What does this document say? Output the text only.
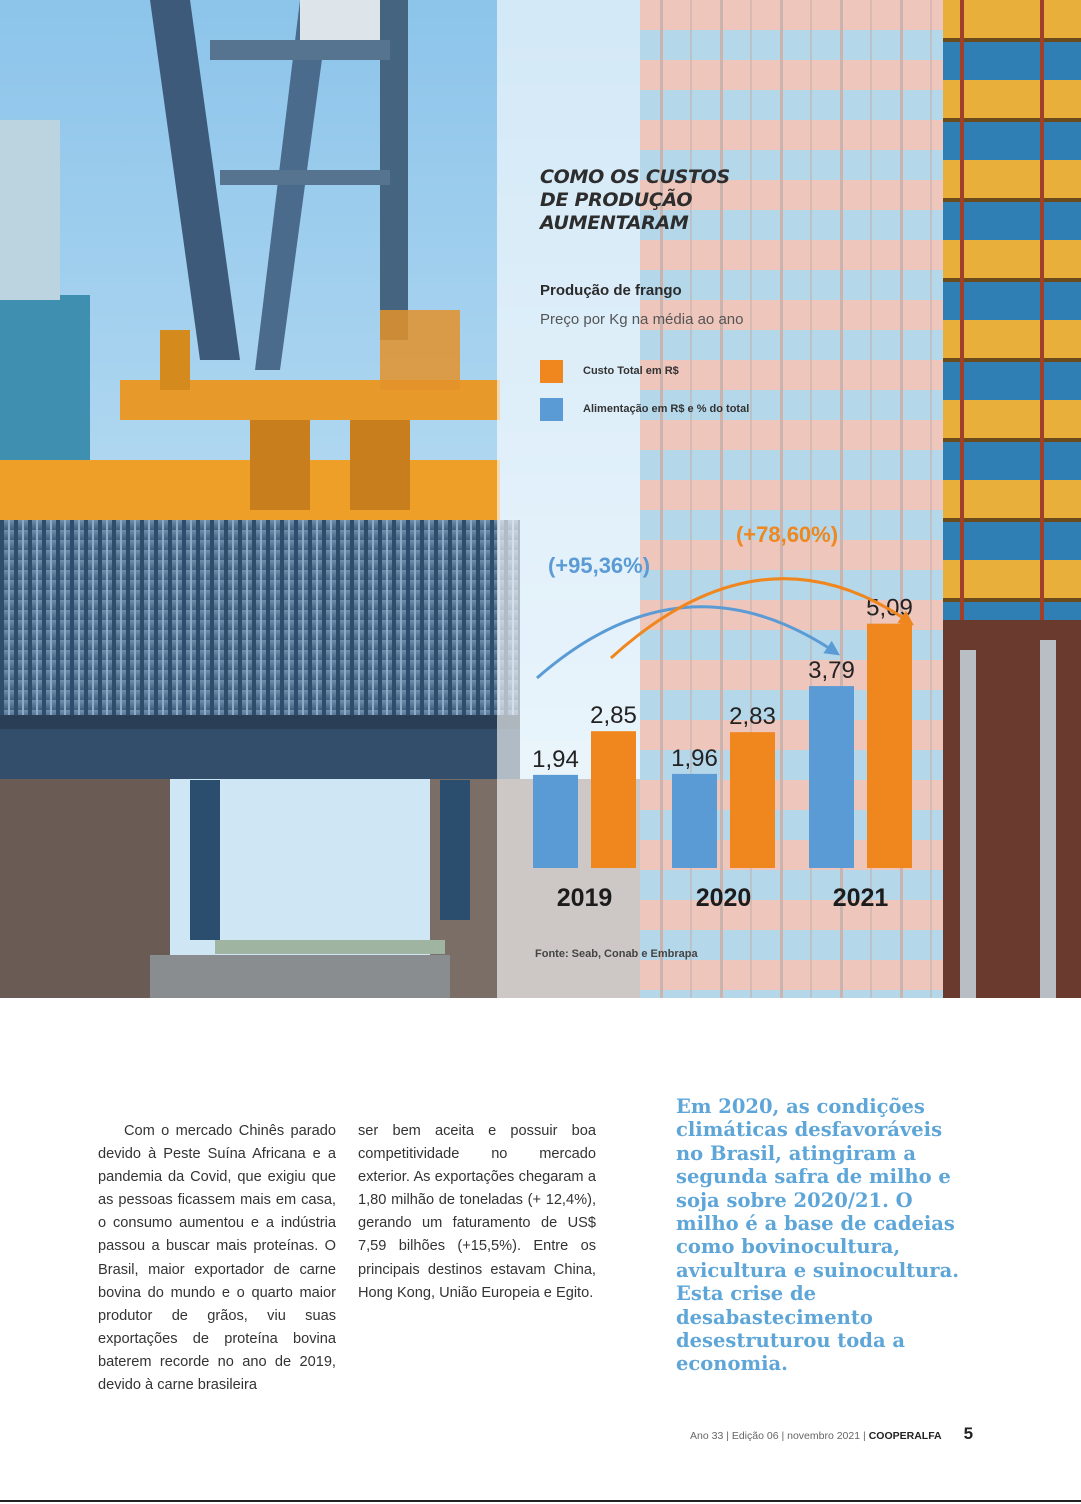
COMO OS CUSTOS DE PRODUÇÃO AUMENTARAM

Produção de frango

Preço por Kg na média ao ano

Custo Total em R$
Alimentação em R$ e % do total
1,94
2,85
2019
1,96
2,83
2020
3,79
5,09
2021
(+95,36%)
(+78,60%)

Fonte: Seab, Conab e Embrapa

Com o mercado Chinês parado devido à Peste Suína Africana e a pandemia da Covid, que exigiu que as pessoas ficassem mais em casa, o consumo aumentou e a indústria passou a buscar mais proteínas. O Brasil, maior exportador de carne bovina do mundo e o quarto maior produtor de grãos, viu suas exportações de proteína bovina baterem recorde no ano de 2019, devido à carne brasileira

ser bem aceita e possuir boa competitividade no mercado exterior. As exportações chegaram a 1,80 milhão de toneladas (+ 12,4%), gerando um faturamento de US$ 7,59 bilhões (+15,5%). Entre os principais destinos estavam China, Hong Kong, União Europeia e Egito.

Em 2020, as condições climáticas desfavoráveis no Brasil, atingiram a segunda safra de milho e soja sobre 2020/21. O milho é a base de cadeias como bovinocultura, avicultura e suinocultura. Esta crise de desabastecimento desestruturou toda a economia.

Ano 33 | Edição 06 | novembro 2021 | COOPERALFA 5
